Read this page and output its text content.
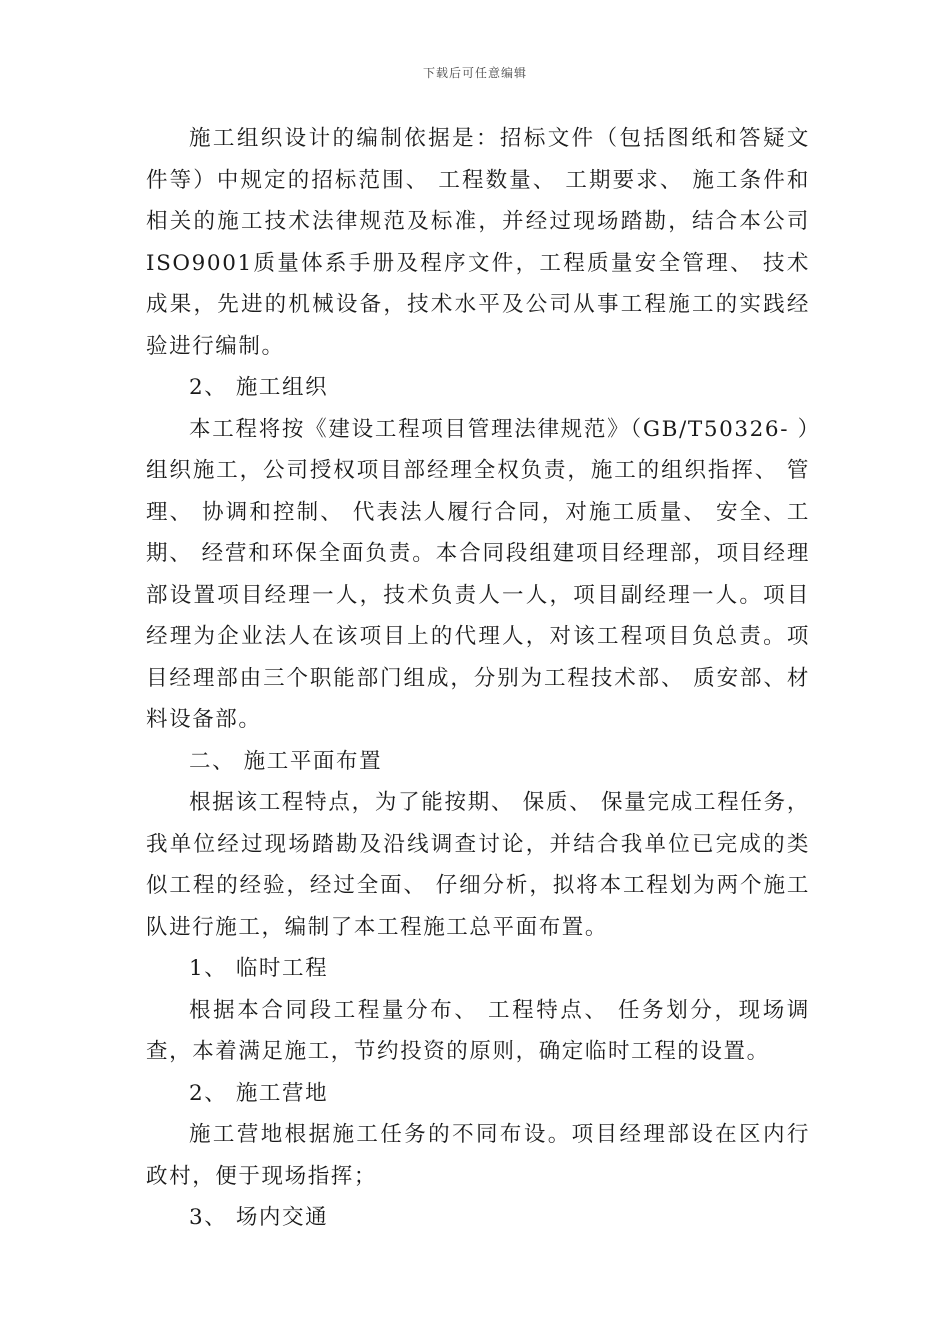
下载后可任意编辑

施工组织设计的编制依据是：招标文件（包括图纸和答疑文件等）中规定的招标范围、 工程数量、 工期要求、 施工条件和相关的施工技术法律规范及标准，并经过现场踏勘，结合本公司ISO9001质量体系手册及程序文件，工程质量安全管理、 技术成果，先进的机械设备，技术水平及公司从事工程施工的实践经验进行编制。

2、 施工组织

本工程将按《建设工程项目管理法律规范》（GB/T50326- ）组织施工，公司授权项目部经理全权负责，施工的组织指挥、 管理、 协调和控制、 代表法人履行合同，对施工质量、 安全、工期、 经营和环保全面负责。本合同段组建项目经理部，项目经理部设置项目经理一人，技术负责人一人，项目副经理一人。项目经理为企业法人在该项目上的代理人，对该工程项目负总责。项目经理部由三个职能部门组成，分别为工程技术部、 质安部、材料设备部。

二、 施工平面布置

根据该工程特点，为了能按期、 保质、 保量完成工程任务，我单位经过现场踏勘及沿线调查讨论，并结合我单位已完成的类似工程的经验，经过全面、 仔细分析，拟将本工程划为两个施工队进行施工，编制了本工程施工总平面布置。

1、 临时工程

根据本合同段工程量分布、 工程特点、 任务划分，现场调查，本着满足施工，节约投资的原则，确定临时工程的设置。

2、 施工营地

施工营地根据施工任务的不同布设。项目经理部设在区内行政村，便于现场指挥；

3、 场内交通
